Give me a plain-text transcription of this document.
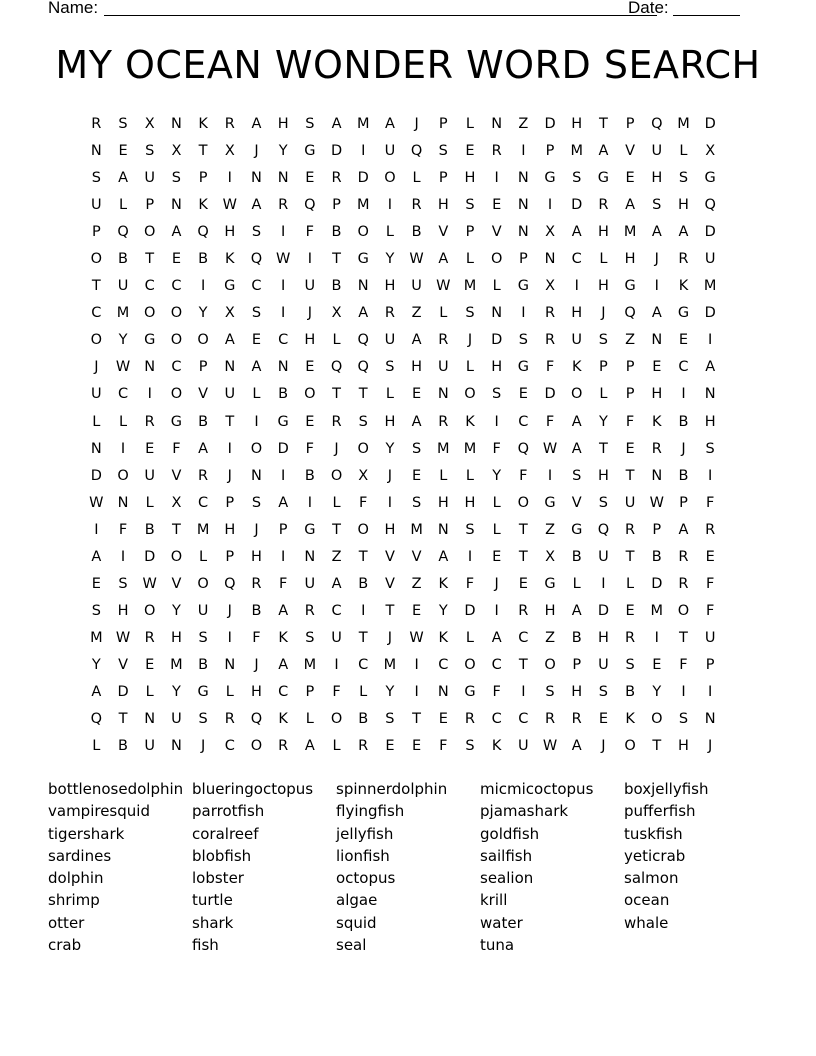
Name:	Date:
MY OCEAN WONDER WORD SEARCH
R	S	X	N	K	R	A	H	S	A	M	A	J	P	L	N	Z	D	H	T	P	Q	M	D
N	E	S	X	T	X	J	Y	G	D	I	U	Q	S	E	R	I	P	M	A	V	U	L	X
S	A	U	S	P	I	N	N	E	R	D	O	L	P	H	I	N	G	S	G	E	H	S	G
U	L	P	N	K	W	A	R	Q	P	M	I	R	H	S	E	N	I	D	R	A	S	H	Q
P	Q	O	A	Q	H	S	I	F	B	O	L	B	V	P	V	N	X	A	H	M	A	A	D
O	B	T	E	B	K	Q W	I	T	G	Y	W	A	L	O	P	N	C	L	H	J	R	U
T	U	C	C	I	G	C	I	U	B	N	H	U W M	L	G	X	I	H	G	I	K	M
C	M	O	O	Y	X	S	I	J	X	A	R	Z	L	S	N	I	R	H	J	Q	A	G	D
O	Y	G	O	O	A	E	C	H	L	Q	U	A	R	J	D	S	R	U	S	Z	N	E	I
J	W N	C	P	N	A	N	E	Q	Q	S	H	U	L	H	G	F	K	P	P	E	C	A
U	C	I	O	V	U	L	B	O	T	T	L	E	N	O	S	E	D	O	L	P	H	I	N
L	L	R	G	B	T	I	G	E	R	S	H	A	R	K	I	C	F	A	Y	F	K	B	H
N	I	E	F	A	I	O	D	F	J	O	Y	S	M M	F	Q W	A	T	E	R	J	S
D	O	U	V	R	J	N	I	B	O	X	J	E	L	L	Y	F	I	S	H	T	N	B	I
W N	L	X	C	P	S	A	I	L	F	I	S	H	H	L	O	G	V	S	U W	P	F
I	F	B	T	M	H	J	P	G	T	O	H	M	N	S	L	T	Z	G	Q	R	P	A	R
A	I	D	O	L	P	H	I	N	Z	T	V	V	A	I	E	T	X	B	U	T	B	R	E
E	S	W	V	O	Q	R	F	U	A	B	V	Z	K	F	J	E	G	L	I	L	D	R	F
S	H	O	Y	U	J	B	A	R	C	I	T	E	Y	D	I	R	H	A	D	E	M	O	F
M W R	H	S	I	F	K	S	U	T	J	W	K	L	A	C	Z	B	H	R	I	T	U
Y	V	E	M	B	N	J	A	M	I	C	M	I	C	O	C	T	O	P	U	S	E	F	P
A	D	L	Y	G	L	H	C	P	F	L	Y	I	N	G	F	I	S	H	S	B	Y	I	I
Q	T	N	U	S	R	Q	K	L	O	B	S	T	E	R	C	C	R	R	E	K	O	S	N
L	B	U	N	J	C	O	R	A	L	R	E	E	F	S	K	U W	A	J	O	T	H	J
bottlenosedolphin blueringoctopus	spinnerdolphin	micmicoctopus	boxjellyfish
vampiresquid	parrotfish	flyingfish	pjamashark	pufferfish
tigershark	coralreef	jellyfish	goldfish	tuskfish
sardines	blobfish	lionfish	sailfish	yeticrab
dolphin	lobster	octopus	sealion	salmon
shrimp	turtle	algae	krill	ocean
otter	shark	squid	water	whale
crab	fish	seal	tuna
